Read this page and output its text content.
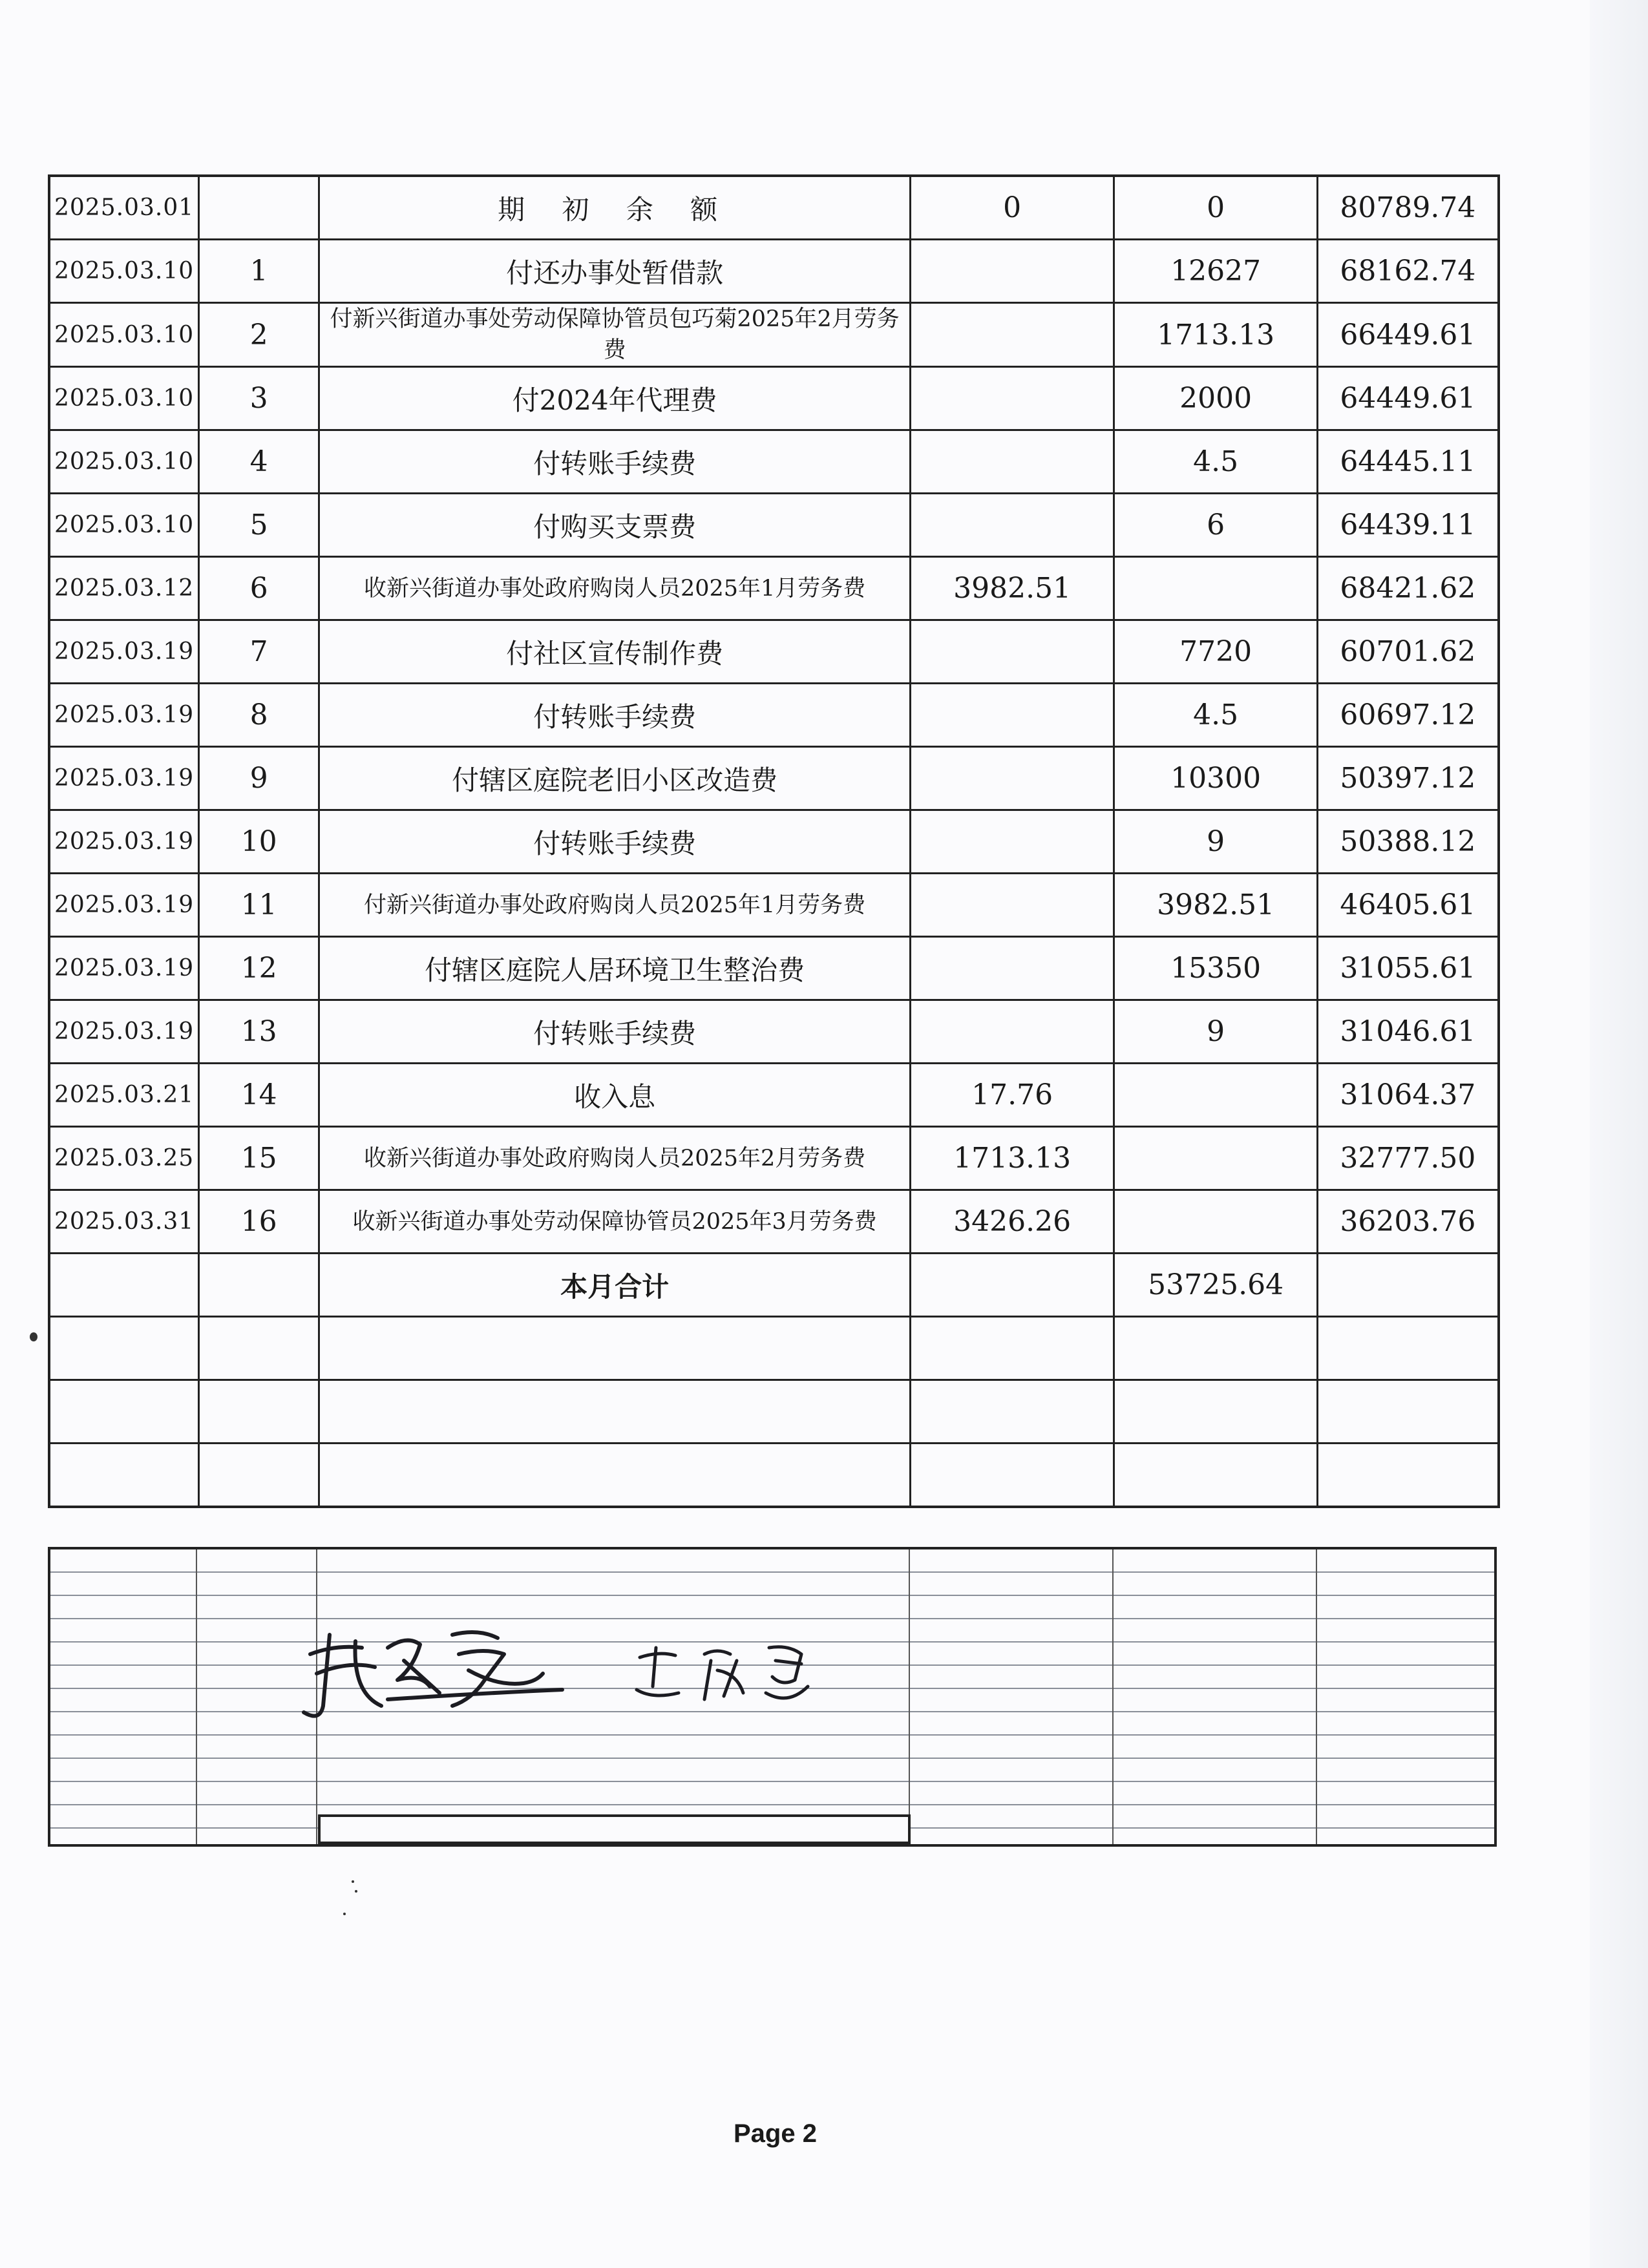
2025.03.01		期 初 余 额	0	0	80789.74
2025.03.10	1	付还办事处暂借款		12627	68162.74
2025.03.10	2	付新兴街道办事处劳动保障协管员包巧菊2025年2月劳务费		1713.13	66449.61
2025.03.10	3	付2024年代理费		2000	64449.61
2025.03.10	4	付转账手续费		4.5	64445.11
2025.03.10	5	付购买支票费		6	64439.11
2025.03.12	6	收新兴街道办事处政府购岗人员2025年1月劳务费	3982.51		68421.62
2025.03.19	7	付社区宣传制作费		7720	60701.62
2025.03.19	8	付转账手续费		4.5	60697.12
2025.03.19	9	付辖区庭院老旧小区改造费		10300	50397.12
2025.03.19	10	付转账手续费		9	50388.12
2025.03.19	11	付新兴街道办事处政府购岗人员2025年1月劳务费		3982.51	46405.61
2025.03.19	12	付辖区庭院人居环境卫生整治费		15350	31055.61
2025.03.19	13	付转账手续费		9	31046.61
2025.03.21	14	收入息	17.76		31064.37
2025.03.25	15	收新兴街道办事处政府购岗人员2025年2月劳务费	1713.13		32777.50
2025.03.31	16	收新兴街道办事处劳动保障协管员2025年3月劳务费	3426.26		36203.76
		本月合计		53725.64	

Page 2
